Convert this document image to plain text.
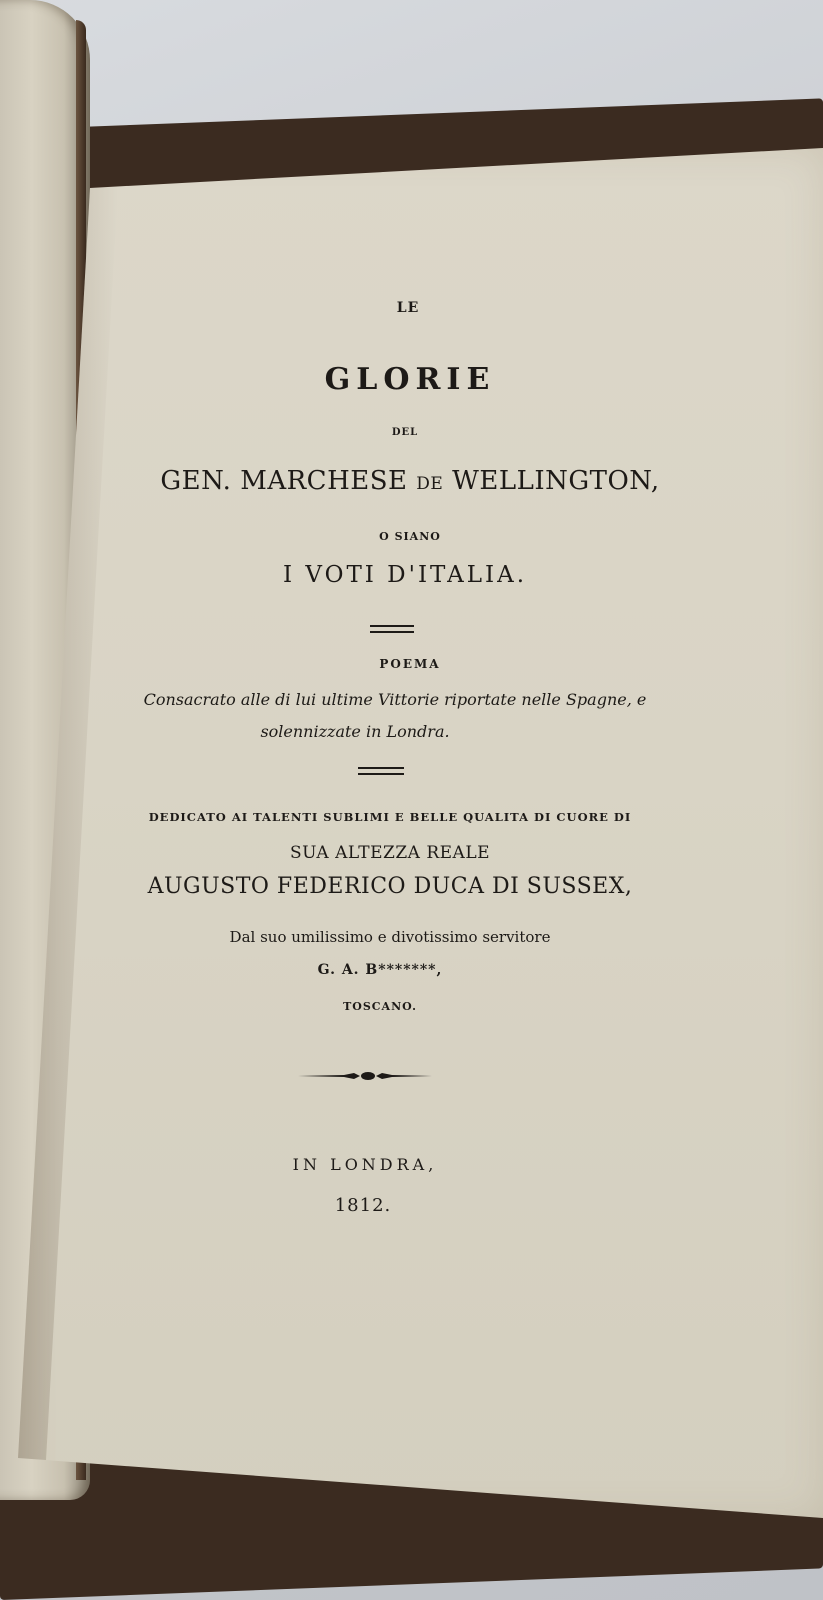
LE
GLORIE
DEL
GEN. MARCHESE DE WELLINGTON,
O SIANO
I VOTI D'ITALIA.
POEMA
Consacrato alle di lui ultime Vittorie riportate nelle Spagne, e
solennizzate in Londra.
DEDICATO AI TALENTI SUBLIMI E BELLE QUALITA DI CUORE DI
SUA ALTEZZA REALE
AUGUSTO FEDERICO DUCA DI SUSSEX,
Dal suo umilissimo e divotissimo servitore
G. A. B*******,
TOSCANO.
IN LONDRA,
1812.
